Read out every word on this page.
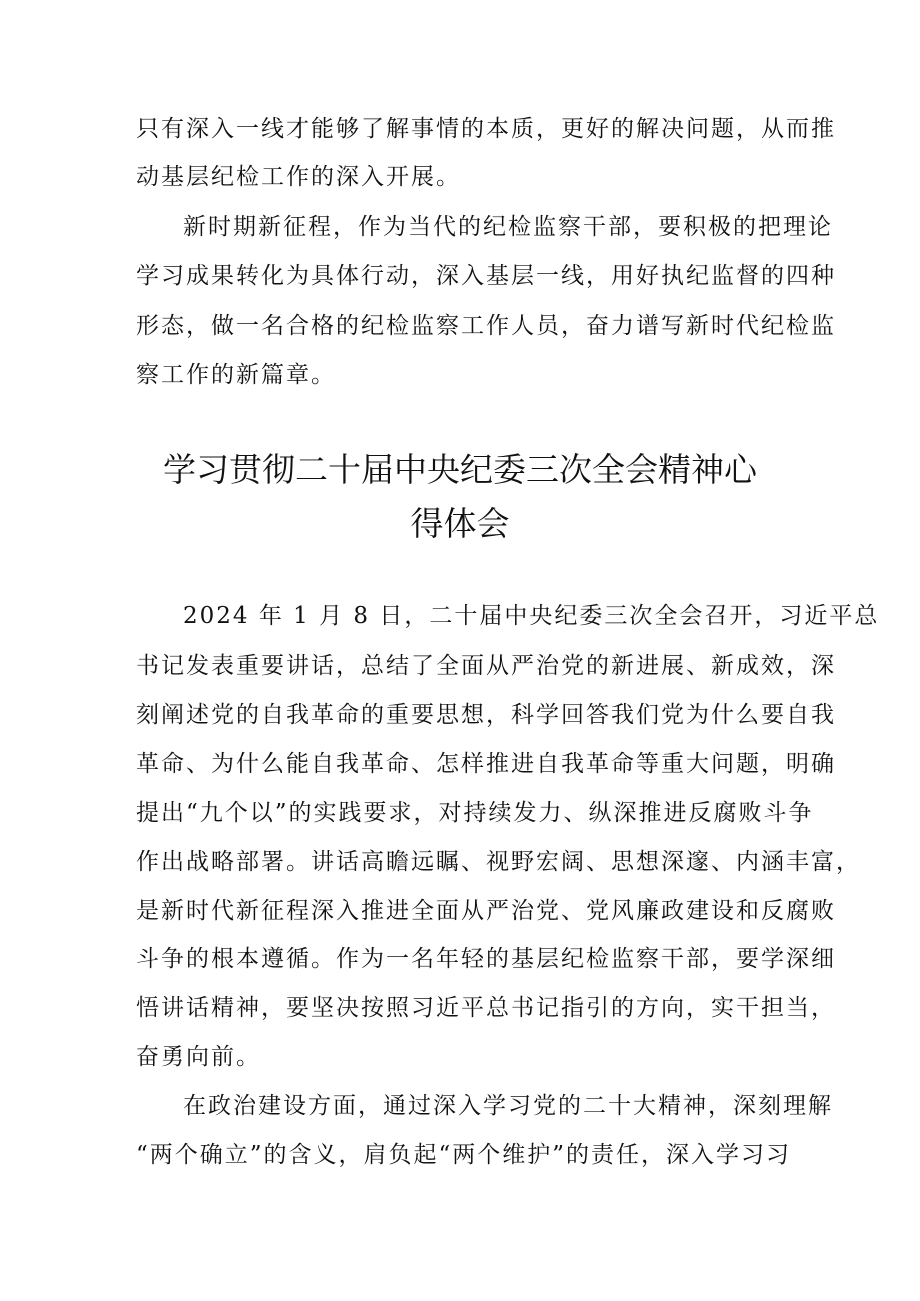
只有深入一线才能够了解事情的本质，更好的解决问题，从而推
动基层纪检工作的深入开展。
新时期新征程，作为当代的纪检监察干部，要积极的把理论
学习成果转化为具体行动，深入基层一线，用好执纪监督的四种
形态，做一名合格的纪检监察工作人员，奋力谱写新时代纪检监
察工作的新篇章。
学习贯彻二十届中央纪委三次全会精神心
得体会
2024 年 1 月 8 日，二十届中央纪委三次全会召开，习近平总
书记发表重要讲话，总结了全面从严治党的新进展、新成效，深
刻阐述党的自我革命的重要思想，科学回答我们党为什么要自我
革命、为什么能自我革命、怎样推进自我革命等重大问题，明确
提出“九个以”的实践要求，对持续发力、纵深推进反腐败斗争
作出战略部署。讲话高瞻远瞩、视野宏阔、思想深邃、内涵丰富，
是新时代新征程深入推进全面从严治党、党风廉政建设和反腐败
斗争的根本遵循。作为一名年轻的基层纪检监察干部，要学深细
悟讲话精神，要坚决按照习近平总书记指引的方向，实干担当，
奋勇向前。
在政治建设方面，通过深入学习党的二十大精神，深刻理解
“两个确立”的含义，肩负起“两个维护”的责任，深入学习习
